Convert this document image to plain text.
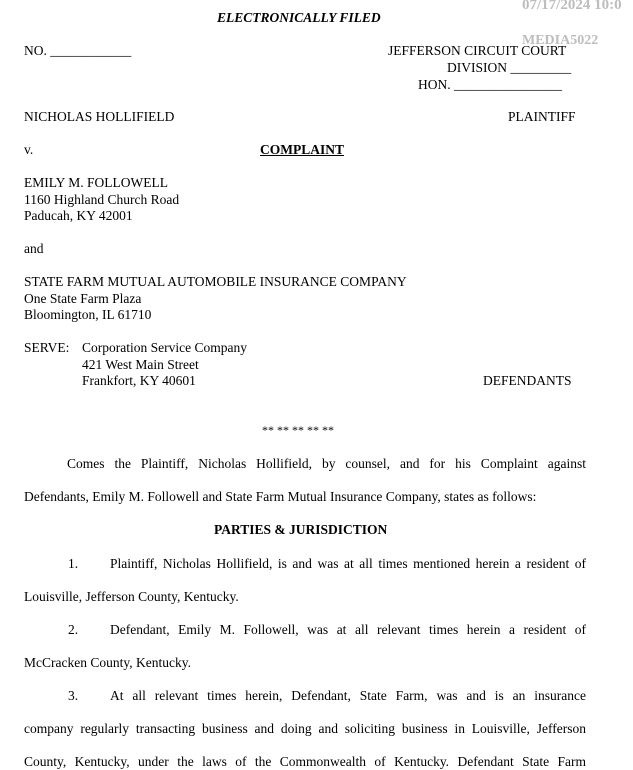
07/17/2024 10:0
MEDIA5022
ELECTRONICALLY FILED
NO. ____________	JEFFERSON CIRCUIT COURT
DIVISION _________
HON. ________________
NICHOLAS HOLLIFIELD	PLAINTIFF
v.	COMPLAINT
EMILY M. FOLLOWELL
1160 Highland Church Road
Paducah, KY 42001
and
STATE FARM MUTUAL AUTOMOBILE INSURANCE COMPANY
One State Farm Plaza
Bloomington, IL 61710
SERVE: Corporation Service Company
421 West Main Street
Frankfort, KY 40601	DEFENDANTS
** ** ** ** **
Comes the Plaintiff, Nicholas Hollifield, by counsel, and for his Complaint against
Defendants, Emily M. Followell and State Farm Mutual Insurance Company, states as follows:
PARTIES & JURISDICTION
1. Plaintiff, Nicholas Hollifield, is and was at all times mentioned herein a resident of
Louisville, Jefferson County, Kentucky.
2. Defendant, Emily M. Followell, was at all relevant times herein a resident of
McCracken County, Kentucky.
3. At all relevant times herein, Defendant, State Farm, was and is an insurance
company regularly transacting business and doing and soliciting business in Louisville, Jefferson
County, Kentucky, under the laws of the Commonwealth of Kentucky. Defendant State Farm
